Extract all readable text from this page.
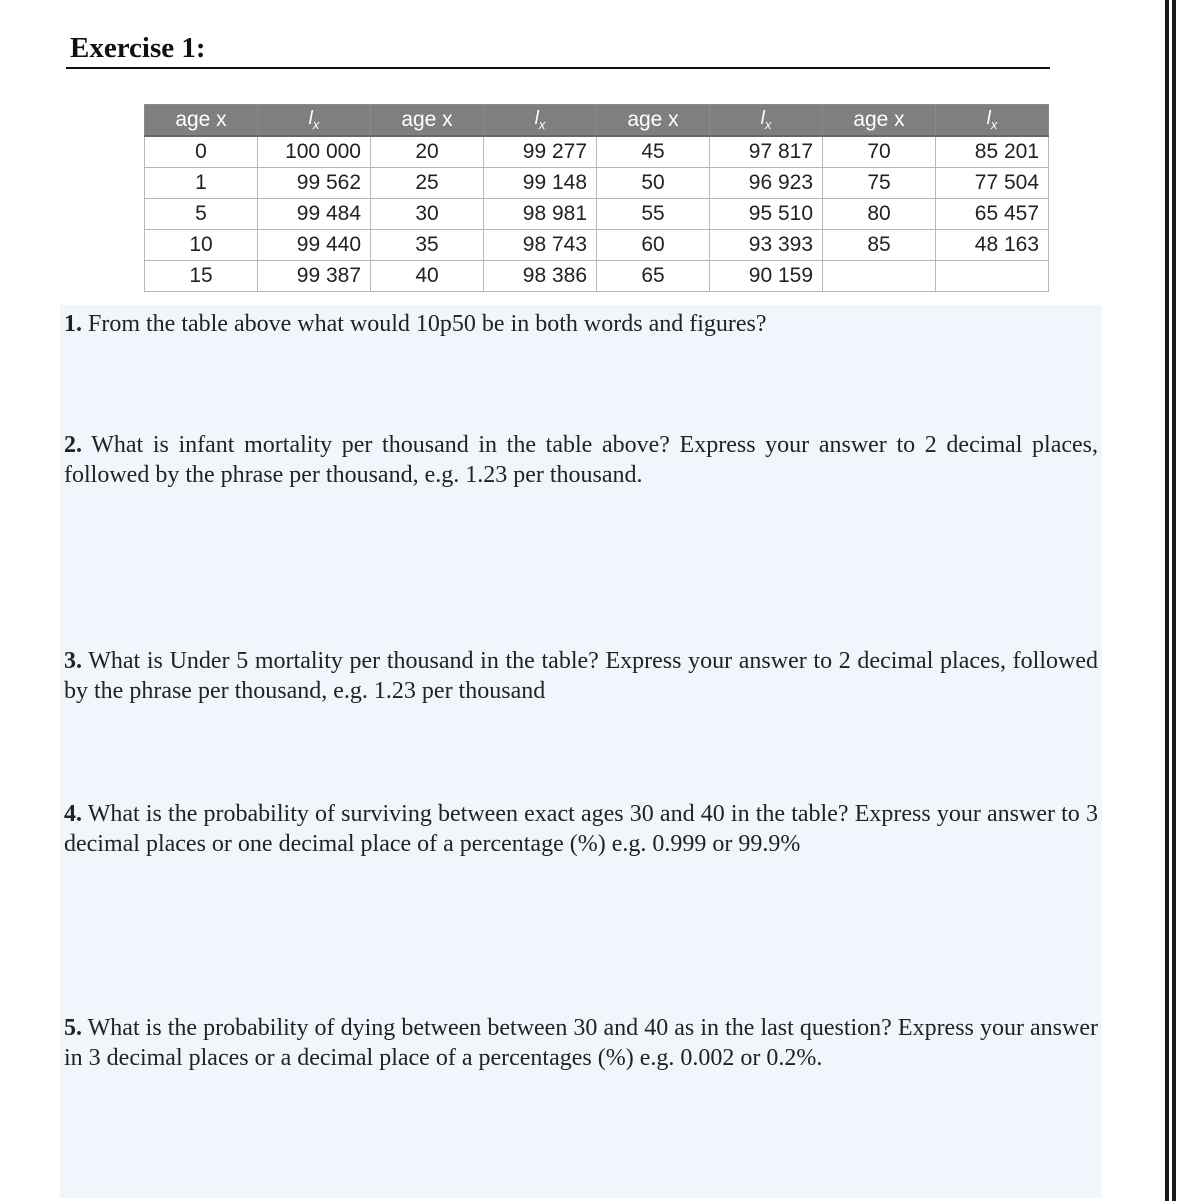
Exercise 1:
age x	$l_x$	age x	$l_x$	age x	$l_x$	age x	$l_x$
0	100 000	20	99 277	45	97 817	70	85 201
1	99 562	25	99 148	50	96 923	75	77 504
5	99 484	30	98 981	55	95 510	80	65 457
10	99 440	35	98 743	60	93 393	85	48 163
15	99 387	40	98 386	65	90 159		
1. From the table above what would 10p50 be in both words and figures?
2. What is infant mortality per thousand in the table above? Express your answer to 2 decimal places, followed by the phrase per thousand, e.g. 1.23 per thousand.
3. What is Under 5 mortality per thousand in the table? Express your answer to 2 decimal places, followed by the phrase per thousand, e.g. 1.23 per thousand
4. What is the probability of surviving between exact ages 30 and 40 in the table? Express your answer to 3 decimal places or one decimal place of a percentage (%) e.g. 0.999 or 99.9%
5. What is the probability of dying between between 30 and 40 as in the last question? Express your answer in 3 decimal places or a decimal place of a percentages (%) e.g. 0.002 or 0.2%.
